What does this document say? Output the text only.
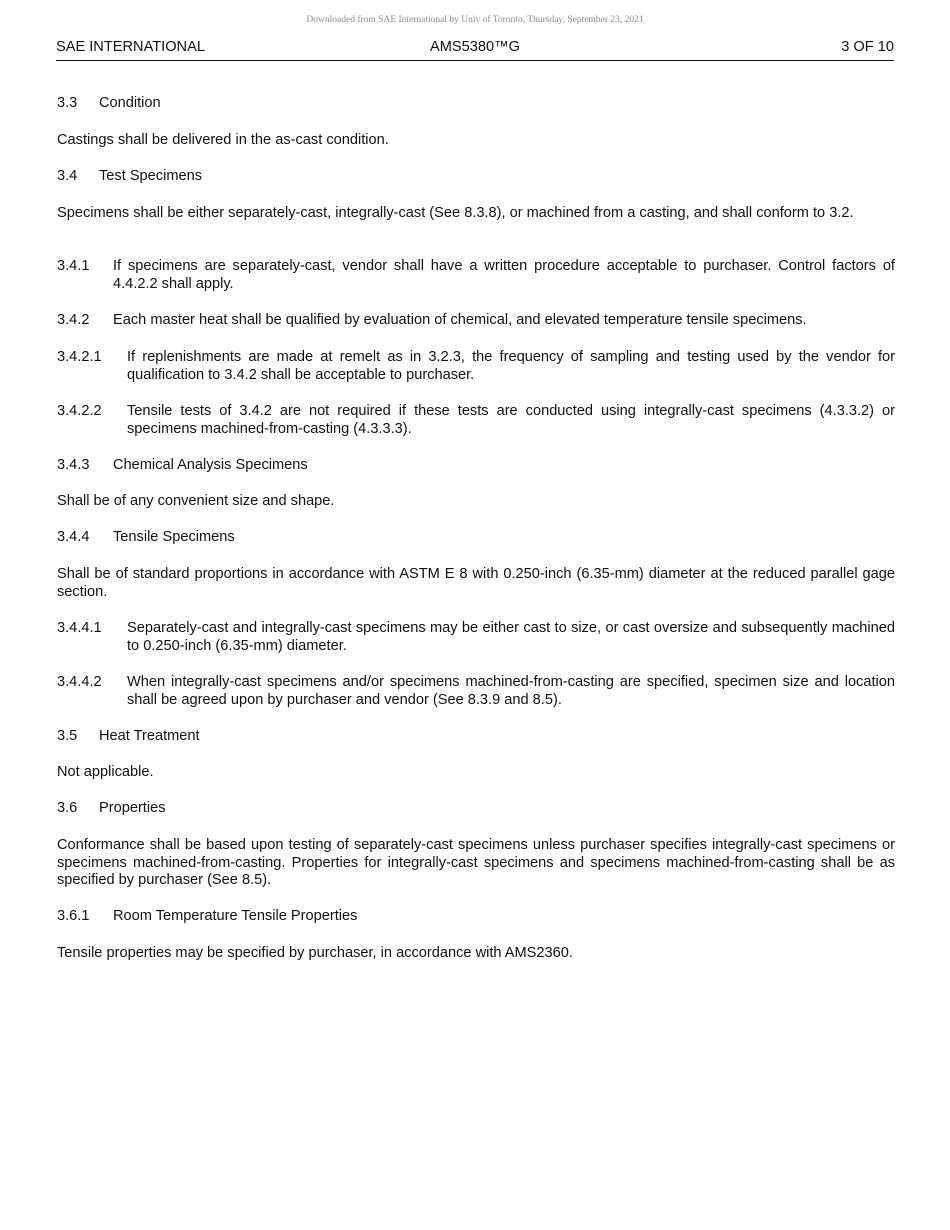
Downloaded from SAE International by Univ of Toronto, Thursday, September 23, 2021
SAE INTERNATIONAL	AMS5380™G	3 OF 10
3.3 Condition
Castings shall be delivered in the as-cast condition.
3.4 Test Specimens
Specimens shall be either separately-cast, integrally-cast (See 8.3.8), or machined from a casting, and shall conform to 3.2.
3.4.1 If specimens are separately-cast, vendor shall have a written procedure acceptable to purchaser. Control factors of 4.4.2.2 shall apply.
3.4.2 Each master heat shall be qualified by evaluation of chemical, and elevated temperature tensile specimens.
3.4.2.1 If replenishments are made at remelt as in 3.2.3, the frequency of sampling and testing used by the vendor for qualification to 3.4.2 shall be acceptable to purchaser.
3.4.2.2 Tensile tests of 3.4.2 are not required if these tests are conducted using integrally-cast specimens (4.3.3.2) or specimens machined-from-casting (4.3.3.3).
3.4.3 Chemical Analysis Specimens
Shall be of any convenient size and shape.
3.4.4 Tensile Specimens
Shall be of standard proportions in accordance with ASTM E 8 with 0.250-inch (6.35-mm) diameter at the reduced parallel gage section.
3.4.4.1 Separately-cast and integrally-cast specimens may be either cast to size, or cast oversize and subsequently machined to 0.250-inch (6.35-mm) diameter.
3.4.4.2 When integrally-cast specimens and/or specimens machined-from-casting are specified, specimen size and location shall be agreed upon by purchaser and vendor (See 8.3.9 and 8.5).
3.5 Heat Treatment
Not applicable.
3.6 Properties
Conformance shall be based upon testing of separately-cast specimens unless purchaser specifies integrally-cast specimens or specimens machined-from-casting. Properties for integrally-cast specimens and specimens machined-from-casting shall be as specified by purchaser (See 8.5).
3.6.1 Room Temperature Tensile Properties
Tensile properties may be specified by purchaser, in accordance with AMS2360.
